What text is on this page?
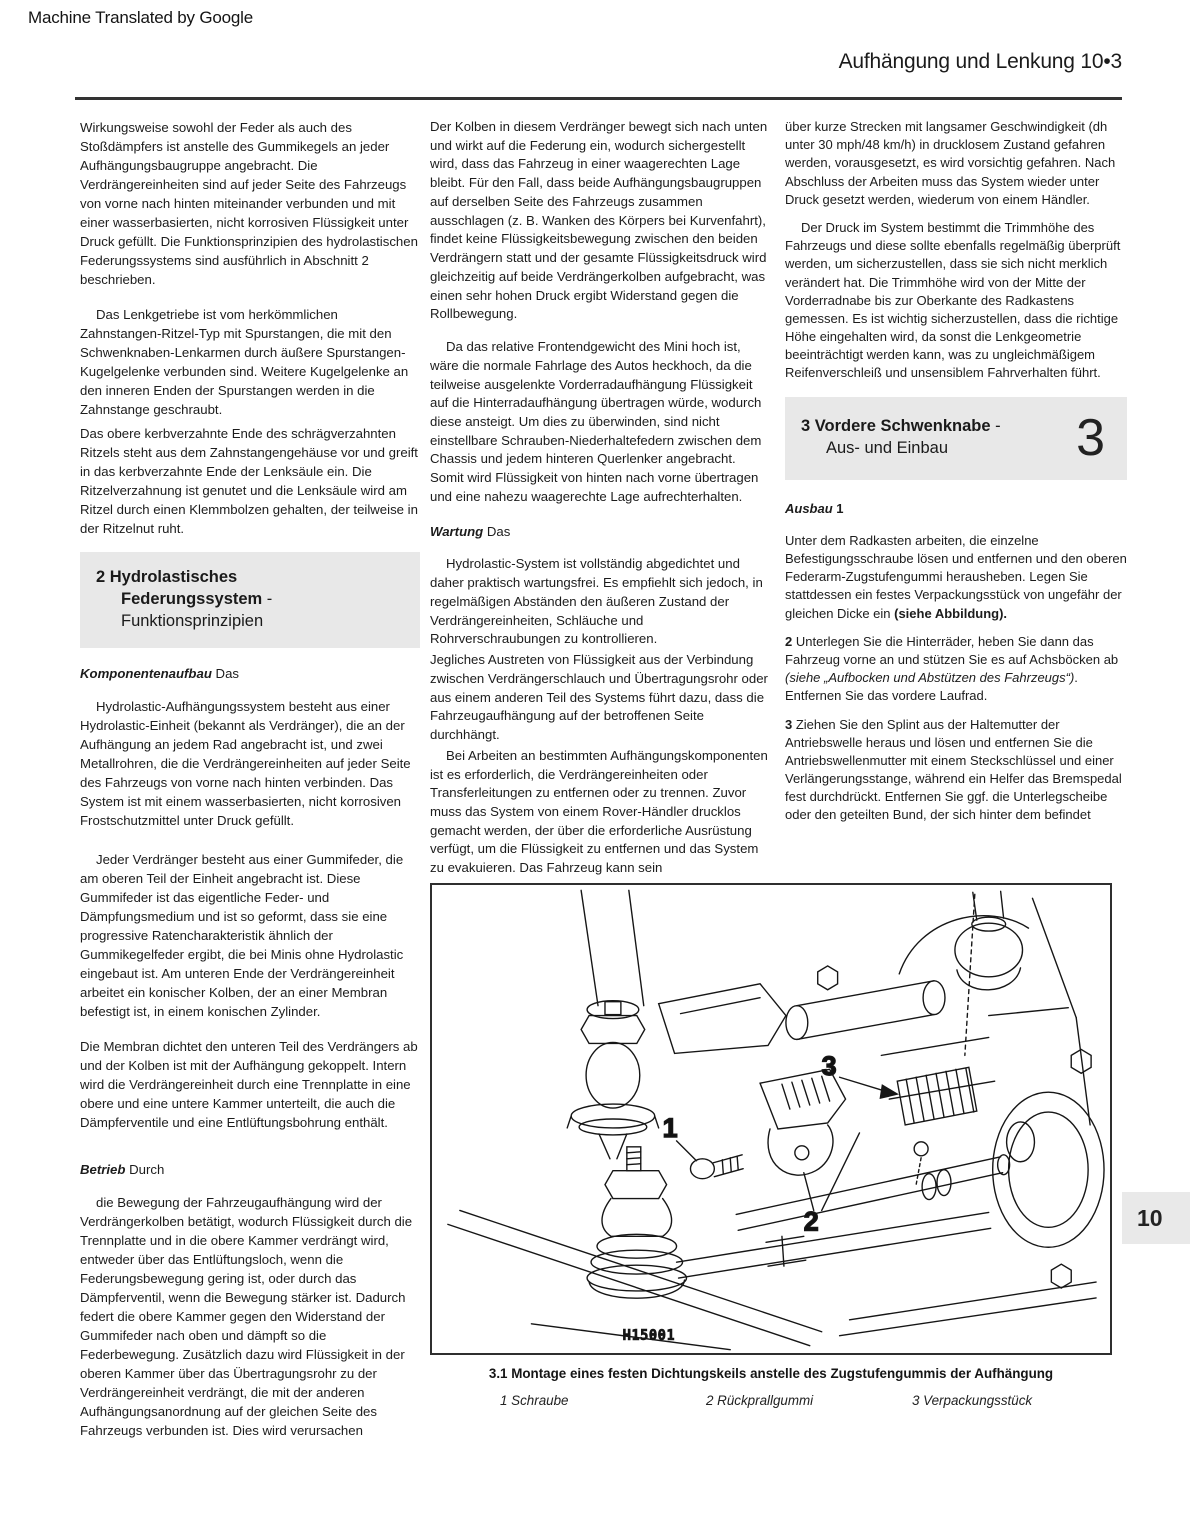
Machine Translated by Google
Aufhängung und Lenkung 10•3

Wirkungsweise sowohl der Feder als auch des Stoßdämpfers ist anstelle des Gummikegels an jeder Aufhängungsbaugruppe angebracht. Die Verdrängereinheiten sind auf jeder Seite des Fahrzeugs von vorne nach hinten miteinander verbunden und mit einer wasserbasierten, nicht korrosiven Flüssigkeit unter Druck gefüllt. Die Funktionsprinzipien des hydrolastischen Federungssystems sind ausführlich in Abschnitt 2 beschrieben.

Das Lenkgetriebe ist vom herkömmlichen Zahnstangen-Ritzel-Typ mit Spurstangen, die mit den Schwenknaben-Lenkarmen durch äußere Spurstangen-Kugelgelenke verbunden sind. Weitere Kugelgelenke an den inneren Enden der Spurstangen werden in die Zahnstange geschraubt.

Das obere kerbverzahnte Ende des schrägverzahnten Ritzels steht aus dem Zahnstangengehäuse vor und greift in das kerbverzahnte Ende der Lenksäule ein. Die Ritzelverzahnung ist genutet und die Lenksäule wird am Ritzel durch einen Klemmbolzen gehalten, der teilweise in der Ritzelnut ruht.

2 Hydrolastisches
Federungssystem -
Funktionsprinzipien

Komponentenaufbau Das

Hydrolastic-Aufhängungssystem besteht aus einer Hydrolastic-Einheit (bekannt als Verdränger), die an der Aufhängung an jedem Rad angebracht ist, und zwei Metallrohren, die die Verdrängereinheiten auf jeder Seite des Fahrzeugs von vorne nach hinten verbinden. Das System ist mit einem wasserbasierten, nicht korrosiven Frostschutzmittel unter Druck gefüllt.

Jeder Verdränger besteht aus einer Gummifeder, die am oberen Teil der Einheit angebracht ist. Diese Gummifeder ist das eigentliche Feder- und Dämpfungsmedium und ist so geformt, dass sie eine progressive Ratencharakteristik ähnlich der Gummikegelfeder ergibt, die bei Minis ohne Hydrolastic eingebaut ist. Am unteren Ende der Verdrängereinheit arbeitet ein konischer Kolben, der an einer Membran befestigt ist, in einem konischen Zylinder.

Die Membran dichtet den unteren Teil des Verdrängers ab und der Kolben ist mit der Aufhängung gekoppelt. Intern wird die Verdrängereinheit durch eine Trennplatte in eine obere und eine untere Kammer unterteilt, die auch die Dämpferventile und eine Entlüftungsbohrung enthält.

Betrieb Durch

die Bewegung der Fahrzeugaufhängung wird der Verdrängerkolben betätigt, wodurch Flüssigkeit durch die Trennplatte und in die obere Kammer verdrängt wird, entweder über das Entlüftungsloch, wenn die Federungsbewegung gering ist, oder durch das Dämpferventil, wenn die Bewegung stärker ist. Dadurch federt die obere Kammer gegen den Widerstand der Gummifeder nach oben und dämpft so die Federbewegung. Zusätzlich dazu wird Flüssigkeit in der oberen Kammer über das Übertragungsrohr zu der Verdrängereinheit verdrängt, die mit der anderen Aufhängungsanordnung auf der gleichen Seite des Fahrzeugs verbunden ist. Dies wird verursachen

Der Kolben in diesem Verdränger bewegt sich nach unten und wirkt auf die Federung ein, wodurch sichergestellt wird, dass das Fahrzeug in einer waagerechten Lage bleibt. Für den Fall, dass beide Aufhängungsbaugruppen auf derselben Seite des Fahrzeugs zusammen ausschlagen (z. B. Wanken des Körpers bei Kurvenfahrt), findet keine Flüssigkeitsbewegung zwischen den beiden Verdrängern statt und der gesamte Flüssigkeitsdruck wird gleichzeitig auf beide Verdrängerkolben aufgebracht, was einen sehr hohen Druck ergibt Widerstand gegen die Rollbewegung.

Da das relative Frontendgewicht des Mini hoch ist, wäre die normale Fahrlage des Autos heckhoch, da die teilweise ausgelenkte Vorderradaufhängung Flüssigkeit auf die Hinterradaufhängung übertragen würde, wodurch diese ansteigt. Um dies zu überwinden, sind nicht einstellbare Schrauben-Niederhaltefedern zwischen dem Chassis und jedem hinteren Querlenker angebracht. Somit wird Flüssigkeit von hinten nach vorne übertragen und eine nahezu waagerechte Lage aufrechterhalten.

Wartung Das

Hydrolastic-System ist vollständig abgedichtet und daher praktisch wartungsfrei. Es empfiehlt sich jedoch, in regelmäßigen Abständen den äußeren Zustand der Verdrängereinheiten, Schläuche und Rohrverschraubungen zu kontrollieren.

Jegliches Austreten von Flüssigkeit aus der Verbindung zwischen Verdrängerschlauch und Übertragungsrohr oder aus einem anderen Teil des Systems führt dazu, dass die Fahrzeugaufhängung auf der betroffenen Seite durchhängt.

Bei Arbeiten an bestimmten Aufhängungskomponenten ist es erforderlich, die Verdrängereinheiten oder Transferleitungen zu entfernen oder zu trennen. Zuvor muss das System von einem Rover-Händler drucklos gemacht werden, der über die erforderliche Ausrüstung verfügt, um die Flüssigkeit zu entfernen und das System zu evakuieren. Das Fahrzeug kann sein

über kurze Strecken mit langsamer Geschwindigkeit (dh unter 30 mph/48 km/h) in drucklosem Zustand gefahren werden, vorausgesetzt, es wird vorsichtig gefahren. Nach Abschluss der Arbeiten muss das System wieder unter Druck gesetzt werden, wiederum von einem Händler.

Der Druck im System bestimmt die Trimmhöhe des Fahrzeugs und diese sollte ebenfalls regelmäßig überprüft werden, um sicherzustellen, dass sie sich nicht merklich verändert hat. Die Trimmhöhe wird von der Mitte der Vorderradnabe bis zur Oberkante des Radkastens gemessen. Es ist wichtig sicherzustellen, dass die richtige Höhe eingehalten wird, da sonst die Lenkgeometrie beeinträchtigt werden kann, was zu ungleichmäßigem Reifenverschleiß und unsensiblem Fahrverhalten führt.

3 Vordere Schwenknabe -
Aus- und Einbau	3

Ausbau 1

Unter dem Radkasten arbeiten, die einzelne Befestigungsschraube lösen und entfernen und den oberen Federarm-Zugstufengummi herausheben. Legen Sie stattdessen ein festes Verpackungsstück von ungefähr der gleichen Dicke ein (siehe Abbildung).

2 Unterlegen Sie die Hinterräder, heben Sie dann das Fahrzeug vorne an und stützen Sie es auf Achsböcken ab (siehe „Aufbocken und Abstützen des Fahrzeugs“). Entfernen Sie das vordere Laufrad.

3 Ziehen Sie den Splint aus der Haltemutter der Antriebswelle heraus und lösen und entfernen Sie die Antriebswellenmutter mit einem Steckschlüssel und einer Verlängerungsstange, während ein Helfer das Bremspedal fest durchdrückt. Entfernen Sie ggf. die Unterlegscheibe oder den geteilten Bund, der sich hinter dem befindet

1
2
3
H15001
3.1 Montage eines festen Dichtungskeils anstelle des Zugstufengummis der Aufhängung
1 Schraube	2 Rückprallgummi	3 Verpackungsstück
10
